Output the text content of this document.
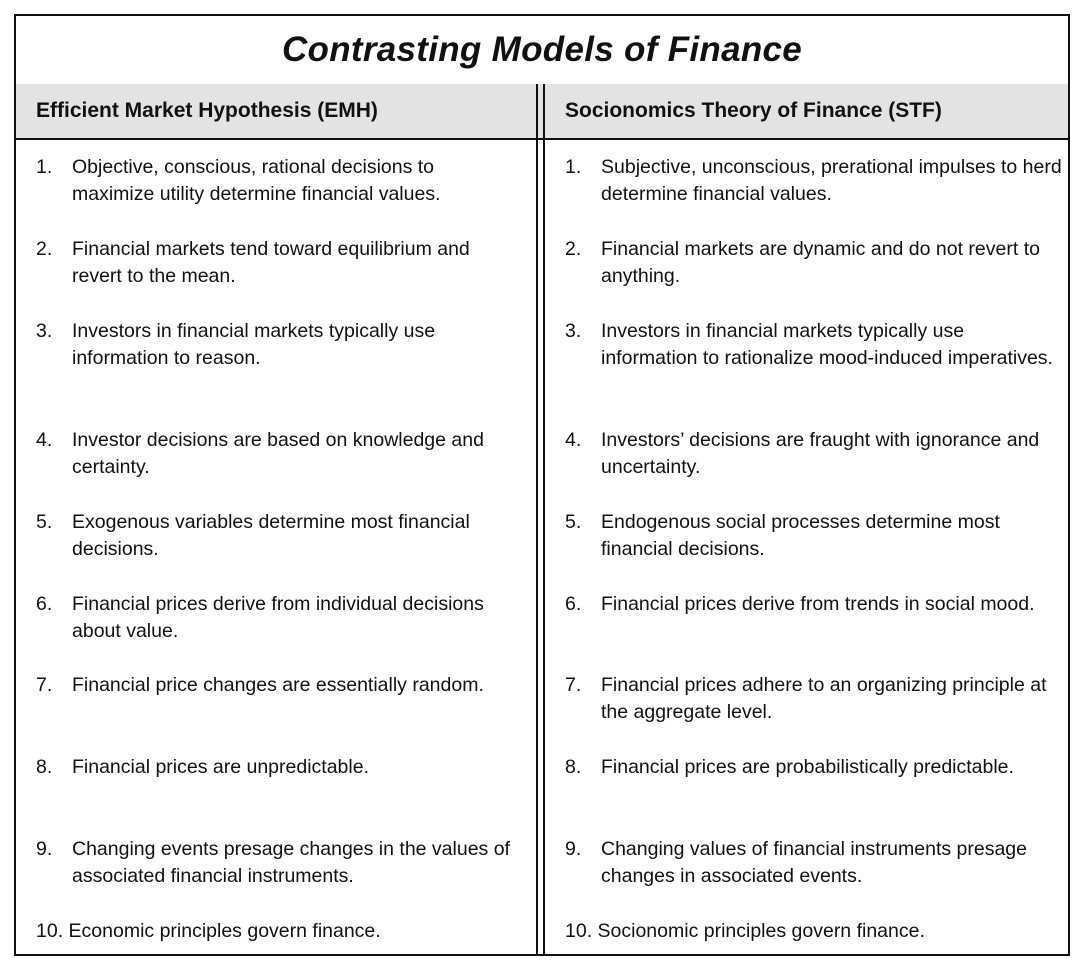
Contrasting Models of Finance
Efficient Market Hypothesis (EMH)	Socionomics Theory of Finance (STF)
1. Objective, conscious, rational decisions to maximize utility determine financial values.
2. Financial markets tend toward equilibrium and revert to the mean.
3. Investors in financial markets typically use information to reason.
4. Investor decisions are based on knowledge and certainty.
5. Exogenous variables determine most financial decisions.
6. Financial prices derive from individual decisions about value.
7. Financial price changes are essentially random.
8. Financial prices are unpredictable.
9. Changing events presage changes in the values of associated financial instruments.
10. Economic principles govern finance.
1. Subjective, unconscious, prerational impulses to herd determine financial values.
2. Financial markets are dynamic and do not revert to anything.
3. Investors in financial markets typically use information to rationalize mood-induced imperatives.
4. Investors’ decisions are fraught with ignorance and uncertainty.
5. Endogenous social processes determine most financial decisions.
6. Financial prices derive from trends in social mood.
7. Financial prices adhere to an organizing principle at the aggregate level.
8. Financial prices are probabilistically predictable.
9. Changing values of financial instruments presage changes in associated events.
10. Socionomic principles govern finance.
